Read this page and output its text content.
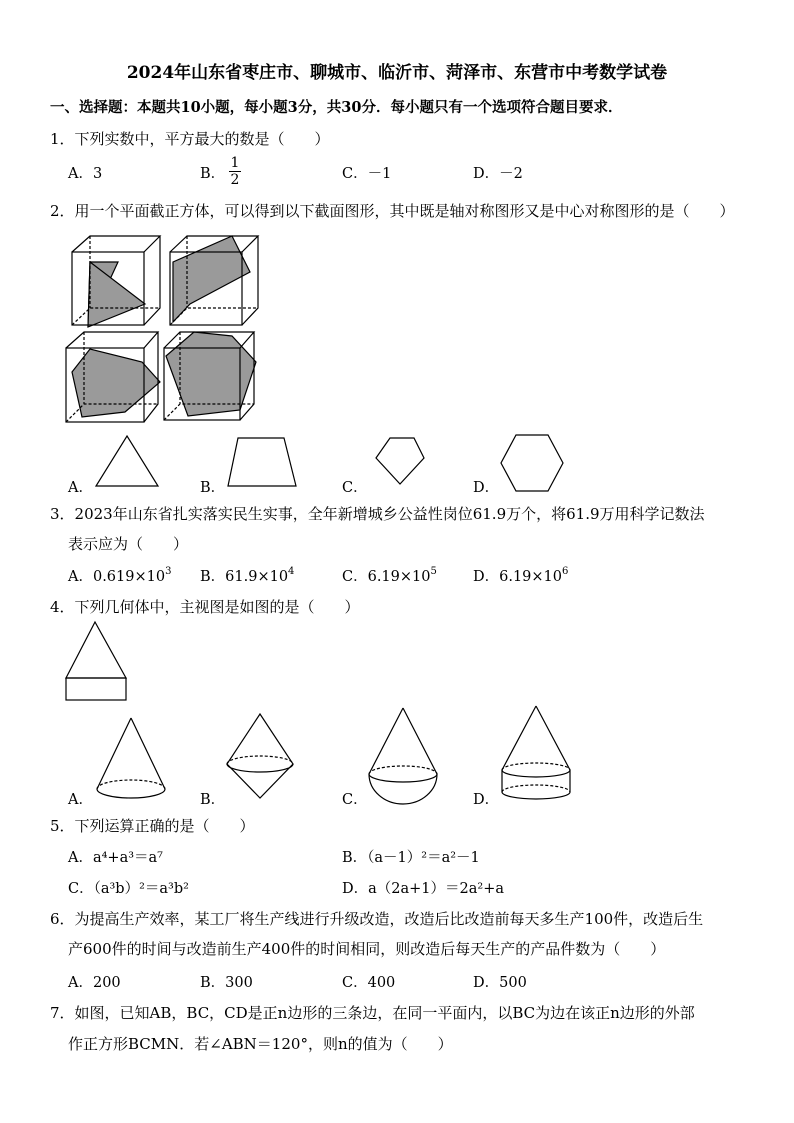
2024年山东省枣庄市、聊城市、临沂市、菏泽市、东营市中考数学试卷
一、选择题：本题共10小题，每小题3分，共30分．每小题只有一个选项符合题目要求．
1．下列实数中，平方最大的数是（　　）
A．3	B．
1
2	C．－1	D．－2
2．用一个平面截正方体，可以得到以下截面图形，其中既是轴对称图形又是中心对称图形的是（　　）
A．	B．	C．	D．
3．2023年山东省扎实落实民生实事，全年新增城乡公益性岗位61.9万个，将61.9万用科学记数法
表示应为（　　）
A．$0.619\times 10^3$ B．$61.9\times 10^4$	C．$6.19\times 10^5$ D．$6.19\times 10^6$
4．下列几何体中，主视图是如图的是（　　）
A．	B．	C．	D．
5．下列运算正确的是（　　）
A．a⁴+a³＝a⁷	B．（a－1）²＝a²－1
C．（a³b）²＝a³b²	D．a（2a+1）＝2a²+a
6．为提高生产效率，某工厂将生产线进行升级改造，改造后比改造前每天多生产100件，改造后生
产600件的时间与改造前生产400件的时间相同，则改造后每天生产的产品件数为（　　）
A．200	B．300	C．400	D．500
7．如图，已知AB，BC，CD是正n边形的三条边，在同一平面内，以BC为边在该正n边形的外部
作正方形BCMN．若∠ABN＝120°，则n的值为（　　）
